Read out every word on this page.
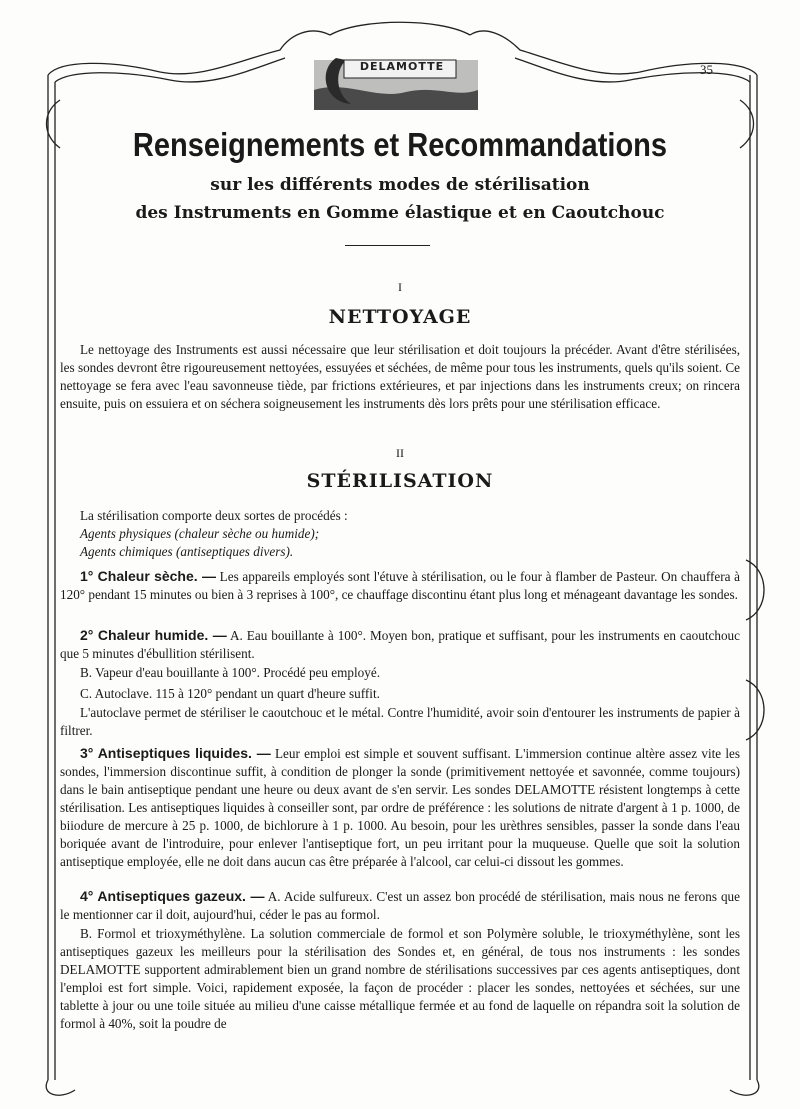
DELAMOTTE	35
Renseignements et Recommandations
sur les différents modes de stérilisation
des Instruments en Gomme élastique et en Caoutchouc
I
NETTOYAGE
Le nettoyage des Instruments est aussi nécessaire que leur stérilisation et doit toujours la précéder. Avant d'être stérilisées, les sondes devront être rigoureusement nettoyées, essuyées et séchées, de même pour tous les instruments, quels qu'ils soient. Ce nettoyage se fera avec l'eau savonneuse tiède, par frictions extérieures, et par injections dans les instruments creux; on rincera ensuite, puis on essuiera et on séchera soigneusement les instruments dès lors prêts pour une stérilisation efficace.
II
STÉRILISATION
La stérilisation comporte deux sortes de procédés :
Agents physiques (chaleur sèche ou humide);
Agents chimiques (antiseptiques divers).
1° Chaleur sèche. — Les appareils employés sont l'étuve à stérilisation, ou le four à flamber de Pasteur. On chauffera à 120° pendant 15 minutes ou bien à 3 reprises à 100°, ce chauffage discontinu étant plus long et ménageant davantage les sondes.
2° Chaleur humide. — A. Eau bouillante à 100°. Moyen bon, pratique et suffisant, pour les instruments en caoutchouc que 5 minutes d'ébullition stérilisent.
B. Vapeur d'eau bouillante à 100°. Procédé peu employé.
C. Autoclave. 115 à 120° pendant un quart d'heure suffit.
L'autoclave permet de stériliser le caoutchouc et le métal. Contre l'humidité, avoir soin d'entourer les instruments de papier à filtrer.
3° Antiseptiques liquides. — Leur emploi est simple et souvent suffisant. L'immersion continue altère assez vite les sondes, l'immersion discontinue suffit, à condition de plonger la sonde (primitivement nettoyée et savonnée, comme toujours) dans le bain antiseptique pendant une heure ou deux avant de s'en servir. Les sondes DELAMOTTE résistent longtemps à cette stérilisation. Les antiseptiques liquides à conseiller sont, par ordre de préférence : les solutions de nitrate d'argent à 1 p. 1000, de biiodure de mercure à 25 p. 1000, de bichlorure à 1 p. 1000. Au besoin, pour les urèthres sensibles, passer la sonde dans l'eau boriquée avant de l'introduire, pour enlever l'antiseptique fort, un peu irritant pour la muqueuse. Quelle que soit la solution antiseptique employée, elle ne doit dans aucun cas être préparée à l'alcool, car celui-ci dissout les gommes.
4° Antiseptiques gazeux. — A. Acide sulfureux. C'est un assez bon procédé de stérilisation, mais nous ne ferons que le mentionner car il doit, aujourd'hui, céder le pas au formol.
B. Formol et trioxyméthylène. La solution commerciale de formol et son Polymère soluble, le trioxyméthylène, sont les antiseptiques gazeux les meilleurs pour la stérilisation des Sondes et, en général, de tous nos instruments : les sondes DELAMOTTE supportent admirablement bien un grand nombre de stérilisations successives par ces agents antiseptiques, dont l'emploi est fort simple. Voici, rapidement exposée, la façon de procéder : placer les sondes, nettoyées et séchées, sur une tablette à jour ou une toile située au milieu d'une caisse métallique fermée et au fond de laquelle on répandra soit la solution de formol à 40%, soit la poudre de
